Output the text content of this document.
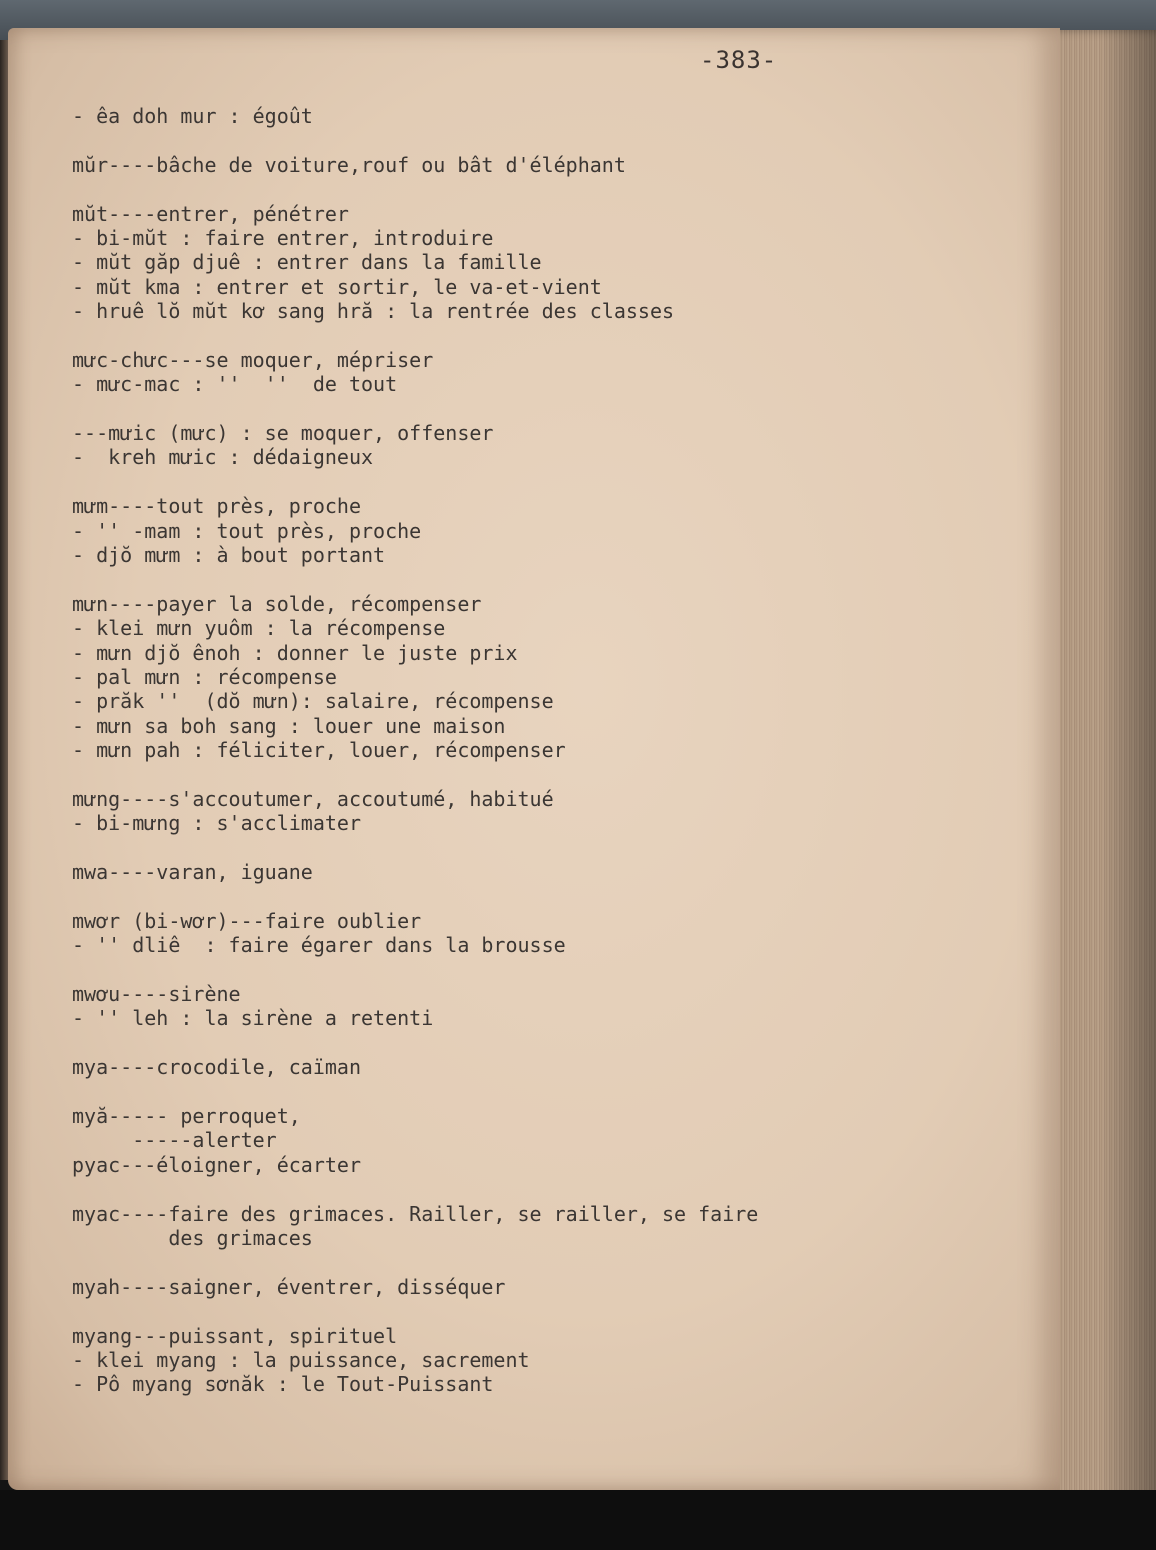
-383-
- êa doh mur : égoût
mŭr----bâche de voiture,rouf ou bât d'éléphant
mŭt----entrer, pénétrer
- bi-mŭt : faire entrer, introduire
- mŭt găp djuê : entrer dans la famille
- mŭt kma : entrer et sortir, le va-et-vient
- hruê lŏ mŭt kơ sang hră : la rentrée des classes
mưc-chưc---se moquer, mépriser
- mưc-mac : ''  ''  de tout
---mưic (mưc) : se moquer, offenser
-  kreh mưic : dédaigneux
mưm----tout près, proche
- '' -mam : tout près, proche
- djŏ mưm : à bout portant
mưn----payer la solde, récompenser
- klei mưn yuôm : la récompense
- mưn djŏ ênoh : donner le juste prix
- pal mưn : récompense
- prăk ''  (dŏ mưn): salaire, récompense
- mưn sa boh sang : louer une maison
- mưn pah : féliciter, louer, récompenser
mưng----s'accoutumer, accoutumé, habitué
- bi-mưng : s'acclimater
mwa----varan, iguane
mwơr (bi-wơr)---faire oublier
- '' dliê  : faire égarer dans la brousse
mwơu----sirène
- '' leh : la sirène a retenti
mya----crocodile, caïman
myă----- perroquet,
-----alerter
pyac---éloigner, écarter
myac----faire des grimaces. Railler, se railler, se faire
des grimaces
myah----saigner, éventrer, disséquer
myang---puissant, spirituel
- klei myang : la puissance, sacrement
- Pô myang sơnăk : le Tout-Puissant
